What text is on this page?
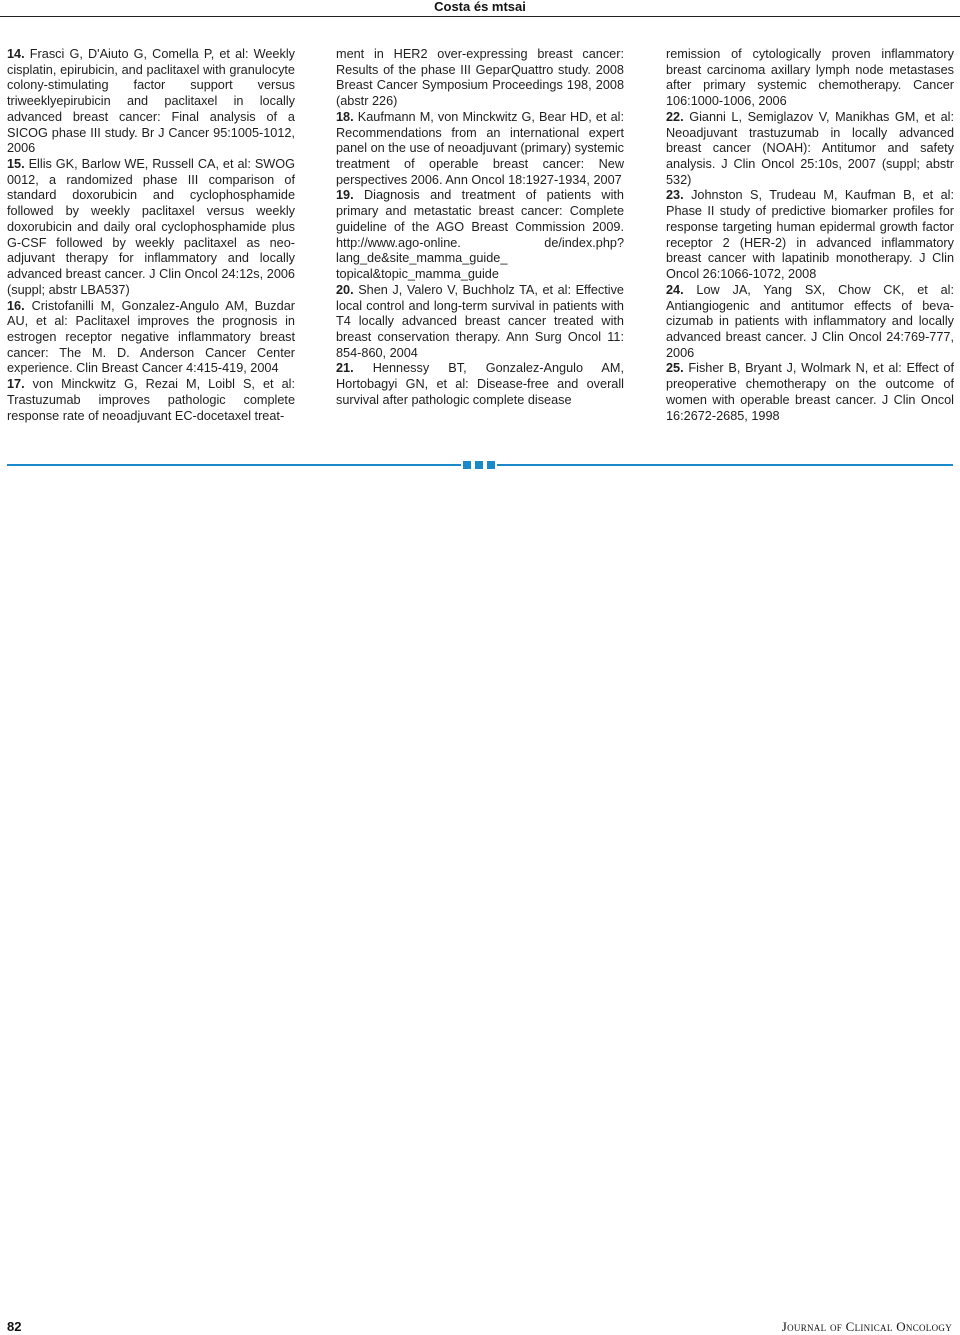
Costa és mtsai

14. Frasci G, D'Aiuto G, Comella P, et al: Weekly cisplatin, epirubicin, and paclitaxel with granulocyte colony-stimulating factor support versus triweeklyepirubicin and paclitaxel in locally advanced breast cancer: Final analysis of a SICOG phase III study. Br J Cancer 95:1005-1012, 2006

15. Ellis GK, Barlow WE, Russell CA, et al: SWOG 0012, a randomized phase III comparison of standard doxorubicin and cyclophosphamide followed by weekly paclitaxel versus weekly doxorubicin and daily oral cyclophosphamide plus G-CSF followed by weekly paclitaxel as neoadjuvant therapy for inflammatory and locally advanced breast cancer. J Clin Oncol 24:12s, 2006 (suppl; abstr LBA537)

16. Cristofanilli M, Gonzalez-Angulo AM, Buzdar AU, et al: Paclitaxel improves the prognosis in estrogen receptor negative inflammatory breast cancer: The M. D. Anderson Cancer Center experience. Clin Breast Cancer 4:415-419, 2004

17. von Minckwitz G, Rezai M, Loibl S, et al: Trastuzumab improves pathologic complete response rate of neoadjuvant EC-docetaxel treat-

ment in HER2 over-expressing breast cancer: Results of the phase III GeparQuattro study. 2008 Breast Cancer Symposium Proceedings 198, 2008 (abstr 226)

18. Kaufmann M, von Minckwitz G, Bear HD, et al: Recommendations from an international expert panel on the use of neoadjuvant (primary) systemic treatment of operable breast cancer: New perspectives 2006. Ann Oncol 18:1927-1934, 2007

19. Diagnosis and treatment of patients with primary and metastatic breast cancer: Complete guideline of the AGO Breast Commission 2009. http://www.ago-online. de/index.php?lang_de&site_mamma_guide_ topical&topic_mamma_guide

20. Shen J, Valero V, Buchholz TA, et al: Effective local control and long-term survival in patients with T4 locally advanced breast cancer treated with breast conservation therapy. Ann Surg Oncol 11: 854-860, 2004

21. Hennessy BT, Gonzalez-Angulo AM, Hortobagyi GN, et al: Disease-free and overall survival after pathologic complete disease

remission of cytologically proven inflammatory breast carcinoma axillary lymph node metastases after primary systemic chemotherapy. Cancer 106:1000-1006, 2006

22. Gianni L, Semiglazov V, Manikhas GM, et al: Neoadjuvant trastuzumab in locally advanced breast cancer (NOAH): Antitumor and safety analysis. J Clin Oncol 25:10s, 2007 (suppl; abstr 532)

23. Johnston S, Trudeau M, Kaufman B, et al: Phase II study of predictive biomarker profiles for response targeting human epidermal growth factor receptor 2 (HER-2) in advanced inflammatory breast cancer with lapatinib monotherapy. J Clin Oncol 26:1066-1072, 2008

24. Low JA, Yang SX, Chow CK, et al: Antiangiogenic and antitumor effects of bevacizumab in patients with inflammatory and locally advanced breast cancer. J Clin Oncol 24:769-777, 2006

25. Fisher B, Bryant J, Wolmark N, et al: Effect of preoperative chemotherapy on the outcome of women with operable breast cancer. J Clin Oncol 16:2672-2685, 1998

82	Journal of Clinical Oncology
